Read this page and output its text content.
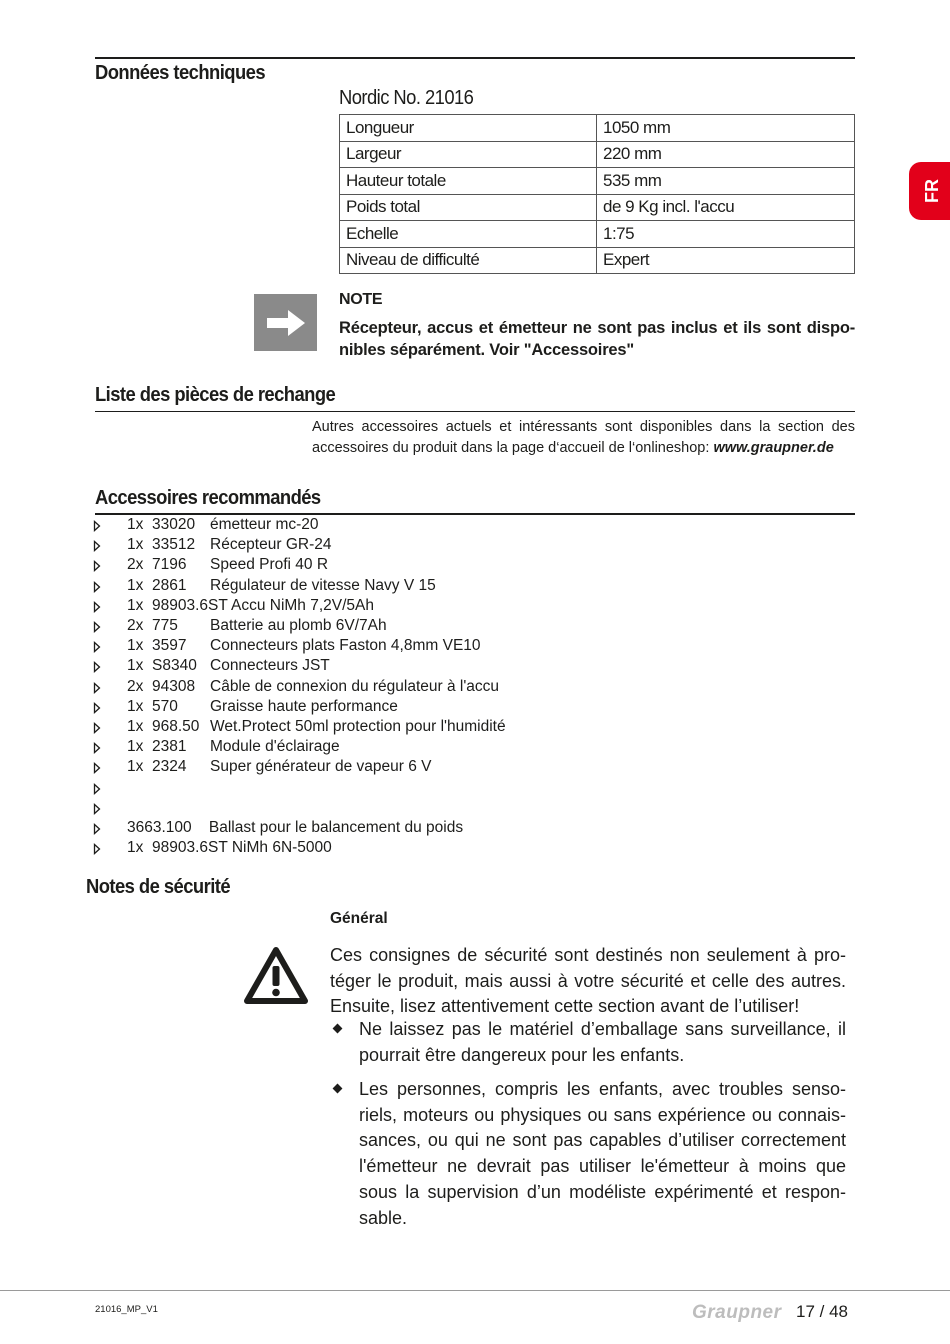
FR
Données techniques
Nordic No. 21016
Longueur	1050 mm
Largeur	220 mm
Hauteur totale	535 mm
Poids total	de 9 Kg incl. l'accu
Echelle	1:75
Niveau de difficulté	Expert
NOTE
Récepteur, accus et émetteur ne sont pas inclus et ils sont dispo-
nibles séparément. Voir "Accessoires"
Liste des pièces de rechange
Autres accessoires actuels et intéressants sont disponibles dans la section des
accessoires du produit dans la page d‘accueil de l‘onlineshop: www.graupner.de
Accessoires recommandés
1x 33020 émetteur mc-20
1x 33512 Récepteur GR-24
2x 7196 Speed Profi 40 R
1x 2861 Régulateur de vitesse Navy V 15
1x  98903.6ST Accu NiMh 7,2V/5Ah
2x 775 Batterie au plomb 6V/7Ah
1x 3597 Connecteurs plats Faston 4,8mm VE10
1x S8340 Connecteurs JST
2x 94308 Câble de connexion du régulateur à l'accu
1x 570 Graisse haute performance
1x 968.50 Wet.Protect 50ml protection pour l'humidité
1x 2381 Module d'éclairage
1x 2324 Super générateur de vapeur 6 V
3663.100    Ballast pour le balancement du poids
1x  98903.6ST NiMh 6N-5000
Notes de sécurité
Général
Ces consignes de sécurité sont destinés non seulement à pro-
téger le produit, mais aussi à votre sécurité et celle des autres.
Ensuite, lisez attentivement cette section avant de l’utiliser!
Ne laissez pas le matériel d’emballage sans surveillance, il
pourrait être dangereux pour les enfants.
Les personnes, compris les enfants, avec troubles senso-
riels, moteurs ou physiques ou sans expérience ou connais-
sances, ou qui ne sont pas capables d’utiliser correctement
l'émetteur ne devrait pas utiliser le'émetteur à moins que
sous la supervision d’un modéliste expérimenté et respon-
sable.
21016_MP_V1	Graupner 17 / 48
